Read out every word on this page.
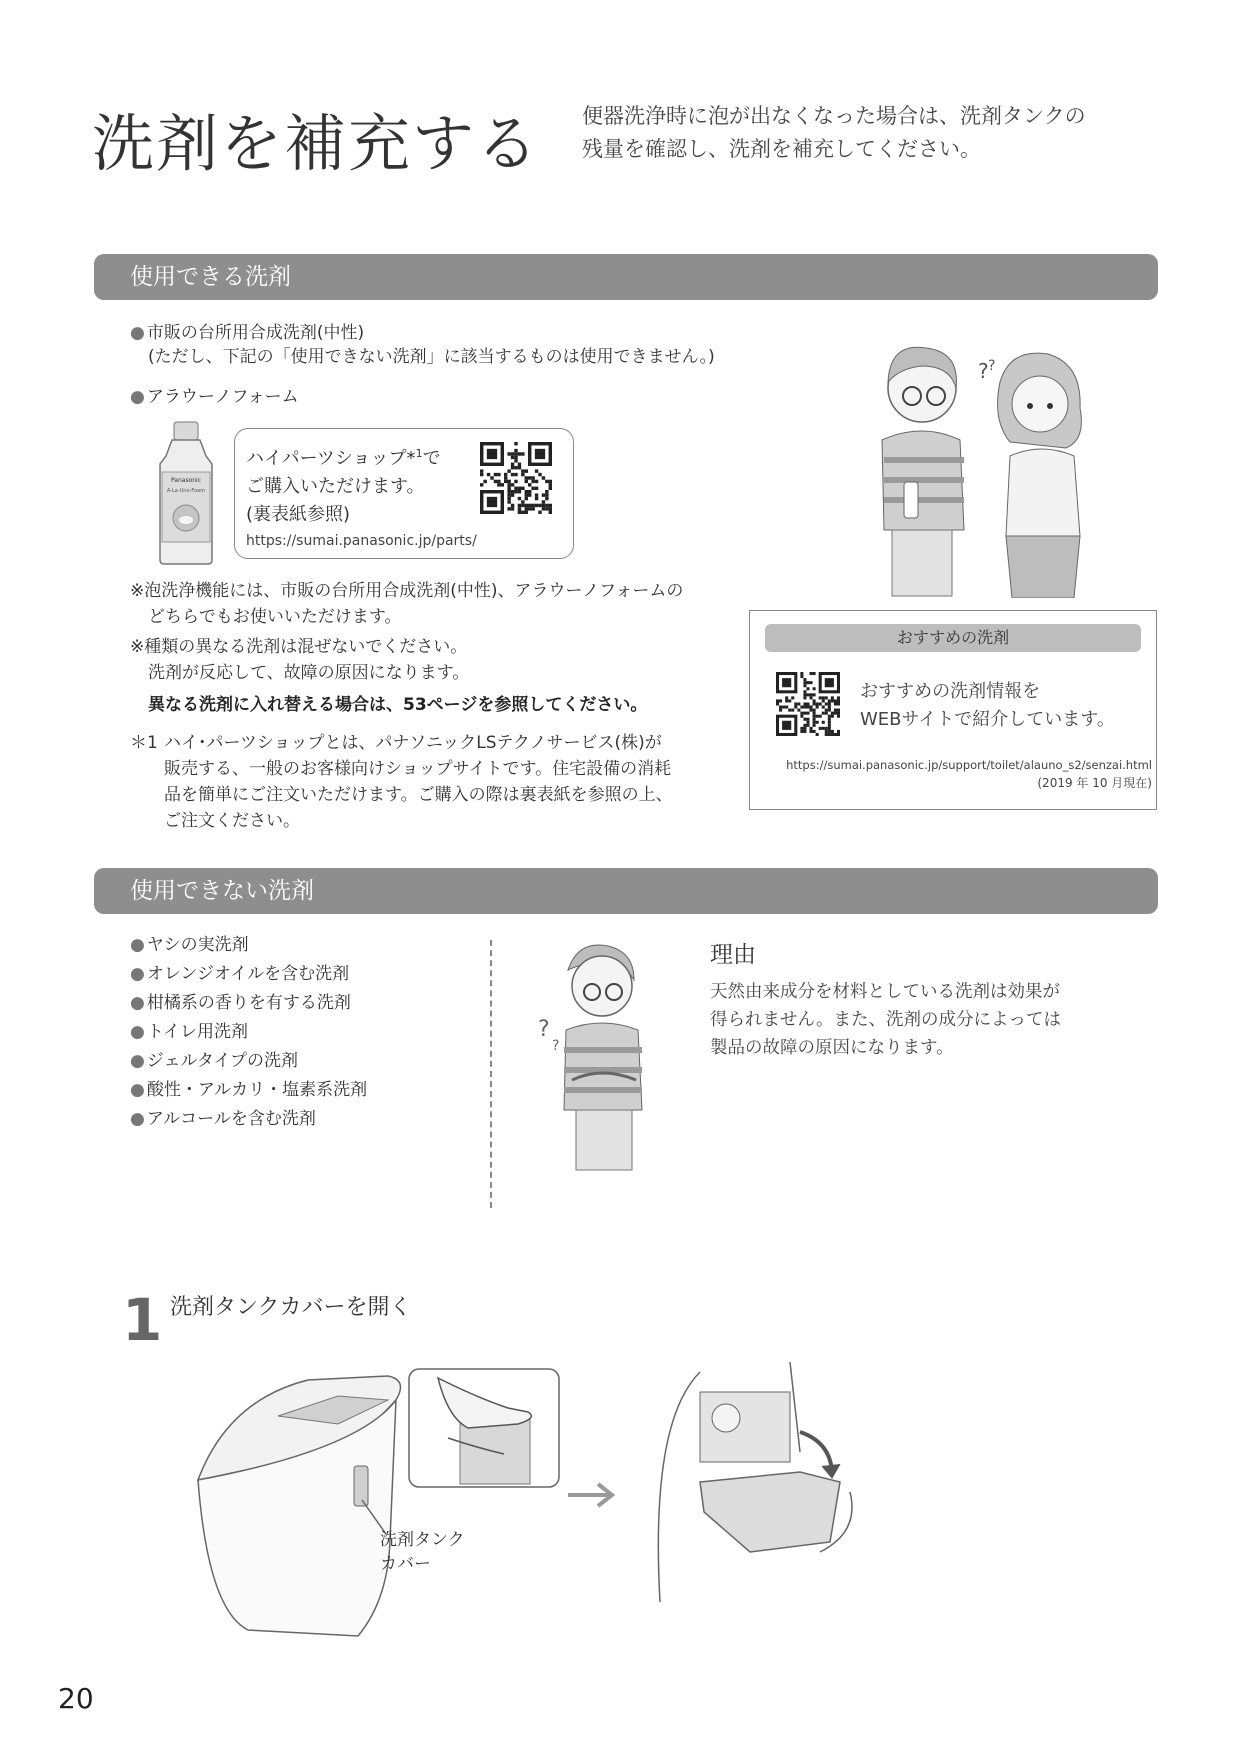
洗剤を補充する 便器洗浄時に泡が出なくなった場合は、洗剤タンクの
残量を確認し、洗剤を補充してください。
使用できる洗剤
● 市販の台所用合成洗剤(中性)
(ただし、下記の「使用できない洗剤」に該当するものは使用できません。)
● アラウーノフォーム
Panasonic
A-La-Uno-Foam
ハイパーツショップ*$^1$で
ご購入いただけます。
(裏表紙参照)
https://sumai.panasonic.jp/parts/
? ?
※泡洗浄機能には、市販の台所用合成洗剤(中性)、アラウーノフォームの
どちらでもお使いいただけます。
※種類の異なる洗剤は混ぜないでください。
洗剤が反応して、故障の原因になります。
異なる洗剤に入れ替える場合は、53ページを参照してください。
＊1 ハイ･パーツショップとは、パナソニックLSテクノサービス(株)が
販売する、一般のお客様向けショップサイトです。住宅設備の消耗
品を簡単にご注文いただけます。ご購入の際は裏表紙を参照の上、
ご注文ください。
おすすめの洗剤
おすすめの洗剤情報を
WEBサイトで紹介しています。
https://sumai.panasonic.jp/support/toilet/alauno_s2/senzai.html
(2019 年 10 月現在)
使用できない洗剤
● ヤシの実洗剤
● オレンジオイルを含む洗剤
● 柑橘系の香りを有する洗剤
● トイレ用洗剤
● ジェルタイプの洗剤
● 酸性・アルカリ・塩素系洗剤
● アルコールを含む洗剤
?
?
理由
天然由来成分を材料としている洗剤は効果が
得られません。また、洗剤の成分によっては
製品の故障の原因になります。
1 洗剤タンクカバーを開く
洗剤タンク
カバー
20
